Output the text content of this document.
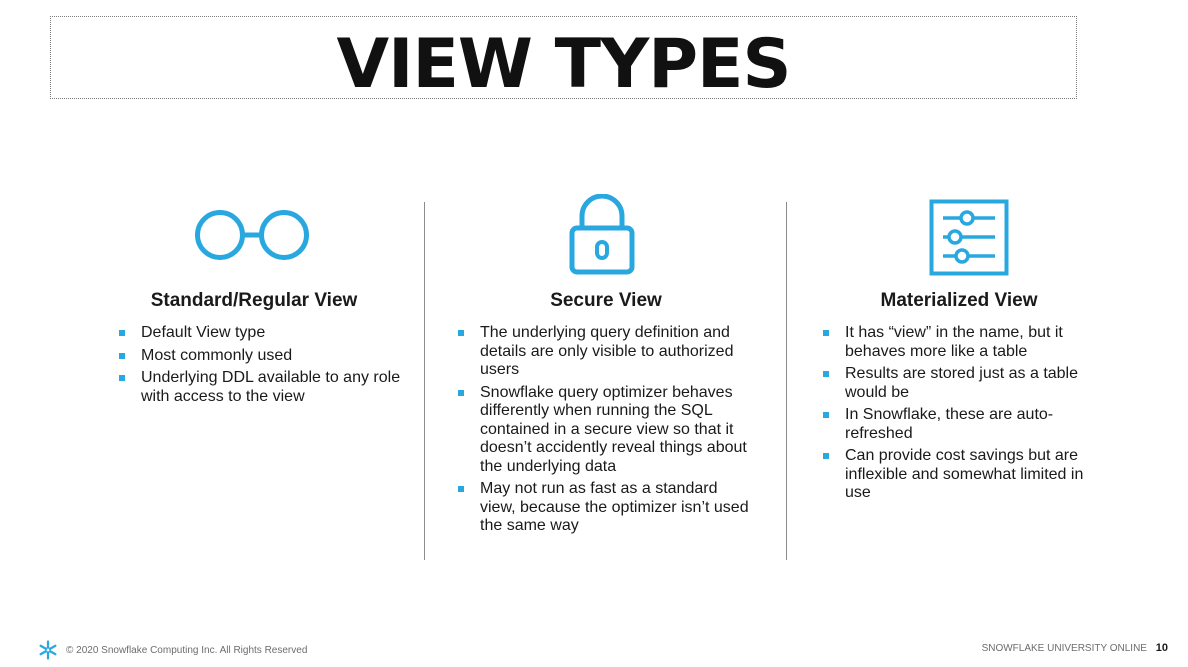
VIEW TYPES
Standard/Regular View
Default View type
Most commonly used
Underlying DDL available to any role with access to the view
Secure View
The underlying query definition and details are only visible to authorized users
Snowflake query optimizer behaves differently when running the SQL contained in a secure view so that it doesn’t accidently reveal things about the underlying data
May not run as fast as a standard view, because the optimizer isn’t used the same way
Materialized View
It has “view” in the name, but it behaves more like a table
Results are stored just as a table would be
In Snowflake, these are auto-refreshed
Can provide cost savings but are inflexible and somewhat limited in use
© 2020 Snowflake Computing Inc. All Rights Reserved	SNOWFLAKE UNIVERSITY ONLINE 10
